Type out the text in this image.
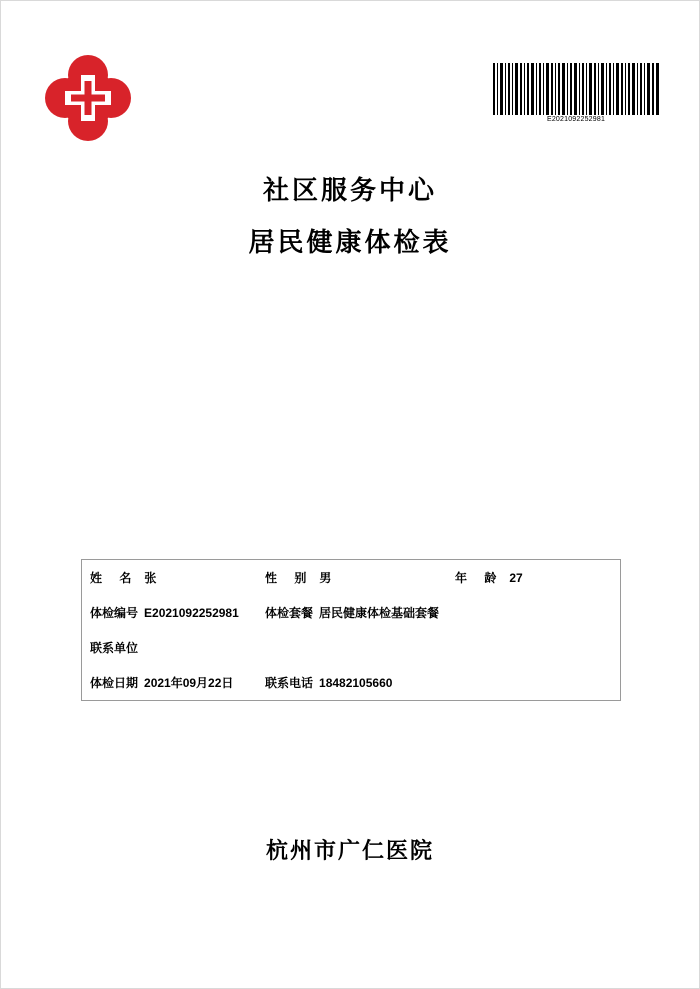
E2021092252981
社区服务中心
居民健康体检表
姓 名 张	性 别 男	年 龄 27
体检编号 E2021092252981 体检套餐 居民健康体检基础套餐
联系单位
体检日期 2021年09月22日	联系电话 18482105660
杭州市广仁医院
